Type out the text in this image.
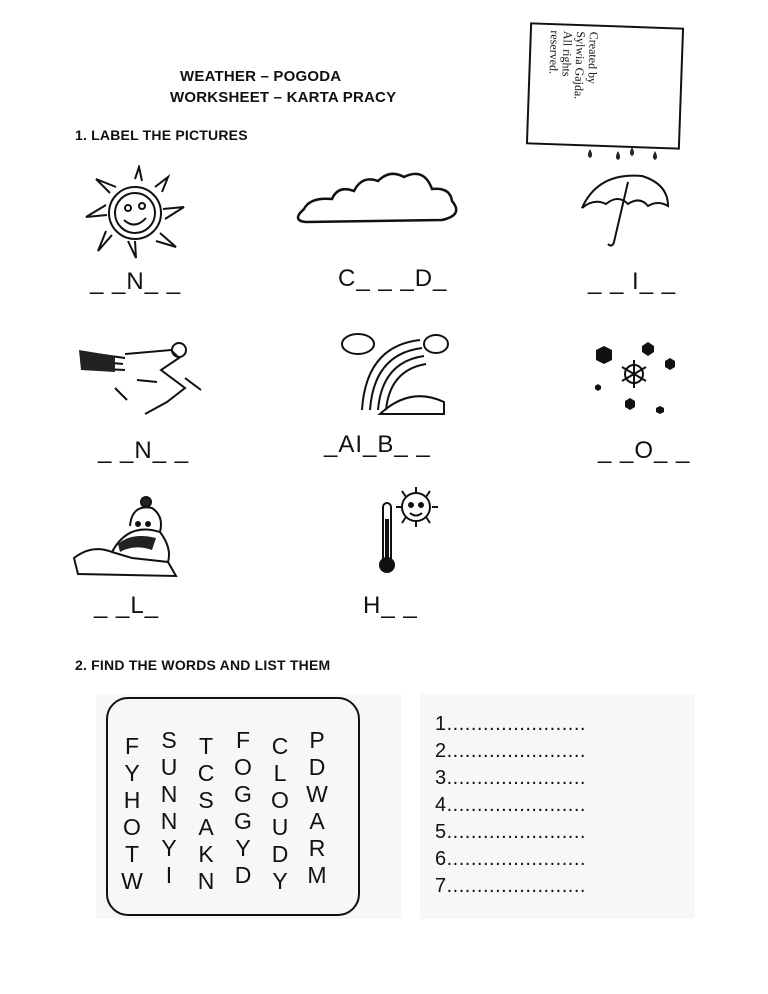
WEATHER – POGODA
WORKSHEET – KARTA PRACY
Created by
Sylwia Gajda.
All rights
reserved.
1. LABEL THE PICTURES
_ _N_ _	C_ _ _D_	_ _ I_ _
_ _N_ _	_AI_B_ _	_ _O_ _
_ _L_	H_ _
2. FIND THE WORDS AND LIST THEM
F S T F C P
Y U C O L D
H N S G O W
O N A G U A
T Y K Y D R
W I	N D Y M
1.......................
2.......................
3.......................
4.......................
5.......................
6.......................
7.......................
